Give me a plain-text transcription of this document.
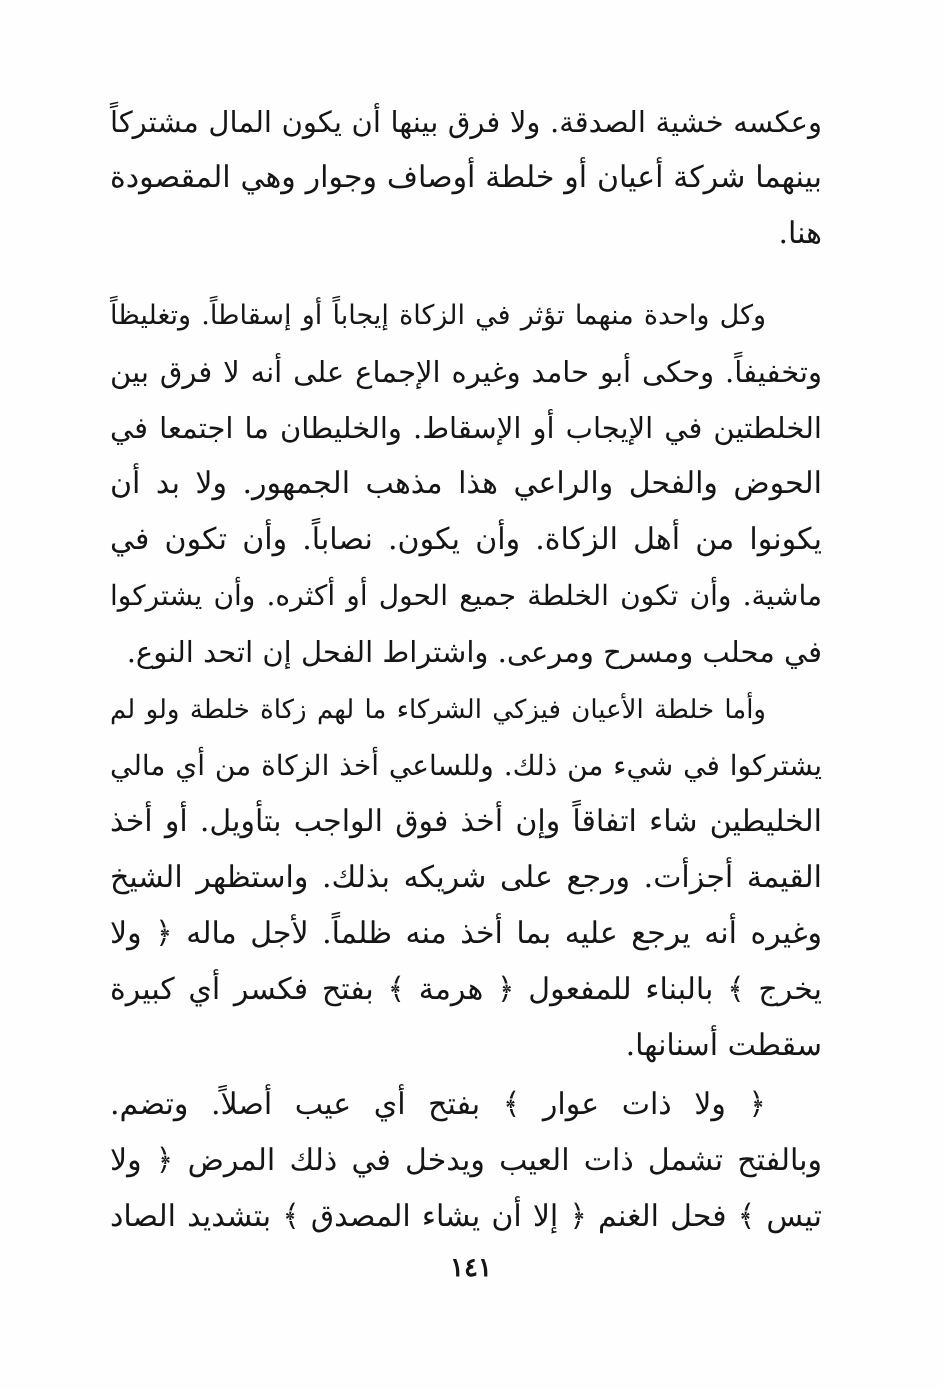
وعكسه خشية الصدقة. ولا فرق بينها أن يكون المال مشتركاً
بينهما شركة أعيان أو خلطة أوصاف وجوار وهي المقصودة
هنا.
وكل واحدة منهما تؤثر في الزكاة إيجاباً أو إسقاطاً. وتغليظاً
وتخفيفاً. وحكى أبو حامد وغيره الإجماع على أنه لا فرق بين
الخلطتين في الإيجاب أو الإسقاط. والخليطان ما اجتمعا في
الحوض والفحل والراعي هذا مذهب الجمهور. ولا بد أن
يكونوا من أهل الزكاة. وأن يكون. نصاباً. وأن تكون في
ماشية. وأن تكون الخلطة جميع الحول أو أكثره. وأن يشتركوا
في محلب ومسرح ومرعى. واشتراط الفحل إن اتحد النوع.
وأما خلطة الأعيان فيزكي الشركاء ما لهم زكاة خلطة ولو لم
يشتركوا في شيء من ذلك. وللساعي أخذ الزكاة من أي مالي
الخليطين شاء اتفاقاً وإن أخذ فوق الواجب بتأويل. أو أخذ
القيمة أجزأت. ورجع على شريكه بذلك. واستظهر الشيخ
وغيره أنه يرجع عليه بما أخذ منه ظلماً. لأجل ماله ﴿ ولا
يخرج ﴾ بالبناء للمفعول ﴿ هرمة ﴾ بفتح فكسر أي كبيرة
سقطت أسنانها.
﴿ ولا ذات عوار ﴾ بفتح أي عيب أصلاً. وتضم.
وبالفتح تشمل ذات العيب ويدخل في ذلك المرض ﴿ ولا
تيس ﴾ فحل الغنم ﴿ إلا أن يشاء المصدق ﴾ بتشديد الصاد
١٤١
